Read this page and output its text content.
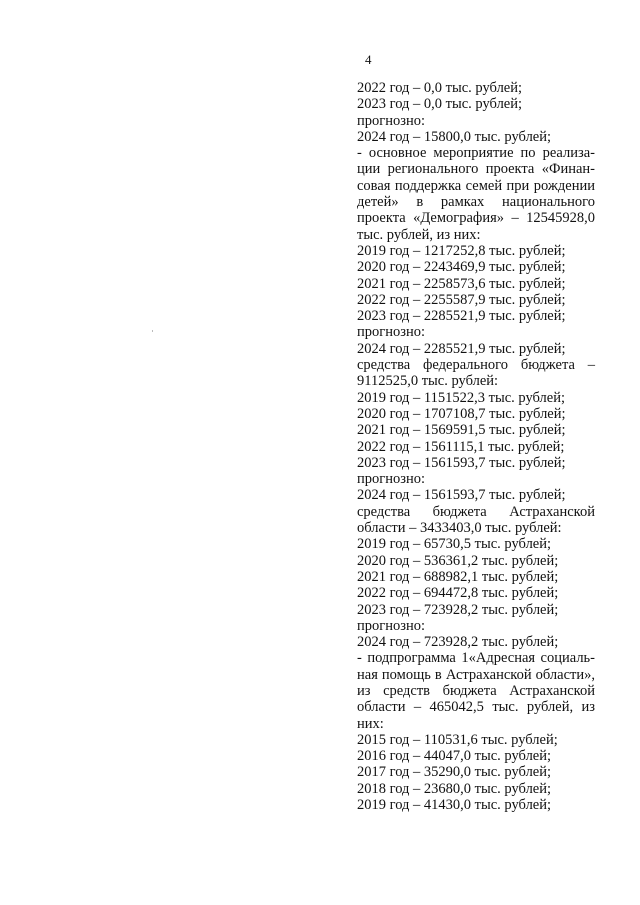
4
2022 год – 0,0 тыс. рублей;
2023 год – 0,0 тыс. рублей;
прогнозно:
2024 год – 15800,0 тыс. рублей;
- основное мероприятие по реализа-
ции регионального проекта «Финан-
совая поддержка семей при рождении
детей» в рамках национального
проекта «Демография» – 12545928,0
тыс. рублей, из них:
2019 год – 1217252,8 тыс. рублей;
2020 год – 2243469,9 тыс. рублей;
2021 год – 2258573,6 тыс. рублей;
2022 год – 2255587,9 тыс. рублей;
2023 год – 2285521,9 тыс. рублей;
прогнозно:
2024 год – 2285521,9 тыс. рублей;
средства федерального бюджета –
9112525,0 тыс. рублей:
2019 год – 1151522,3 тыс. рублей;
2020 год – 1707108,7 тыс. рублей;
2021 год – 1569591,5 тыс. рублей;
2022 год – 1561115,1 тыс. рублей;
2023 год – 1561593,7 тыс. рублей;
прогнозно:
2024 год – 1561593,7 тыс. рублей;
средства бюджета Астраханской
области – 3433403,0 тыс. рублей:
2019 год – 65730,5 тыс. рублей;
2020 год – 536361,2 тыс. рублей;
2021 год – 688982,1 тыс. рублей;
2022 год – 694472,8 тыс. рублей;
2023 год – 723928,2 тыс. рублей;
прогнозно:
2024 год – 723928,2 тыс. рублей;
- подпрограмма 1«Адресная социаль-
ная помощь в Астраханской области»,
из средств бюджета Астраханской
области – 465042,5 тыс. рублей, из
них:
2015 год – 110531,6 тыс. рублей;
2016 год – 44047,0 тыс. рублей;
2017 год – 35290,0 тыс. рублей;
2018 год – 23680,0 тыс. рублей;
2019 год – 41430,0 тыс. рублей;
